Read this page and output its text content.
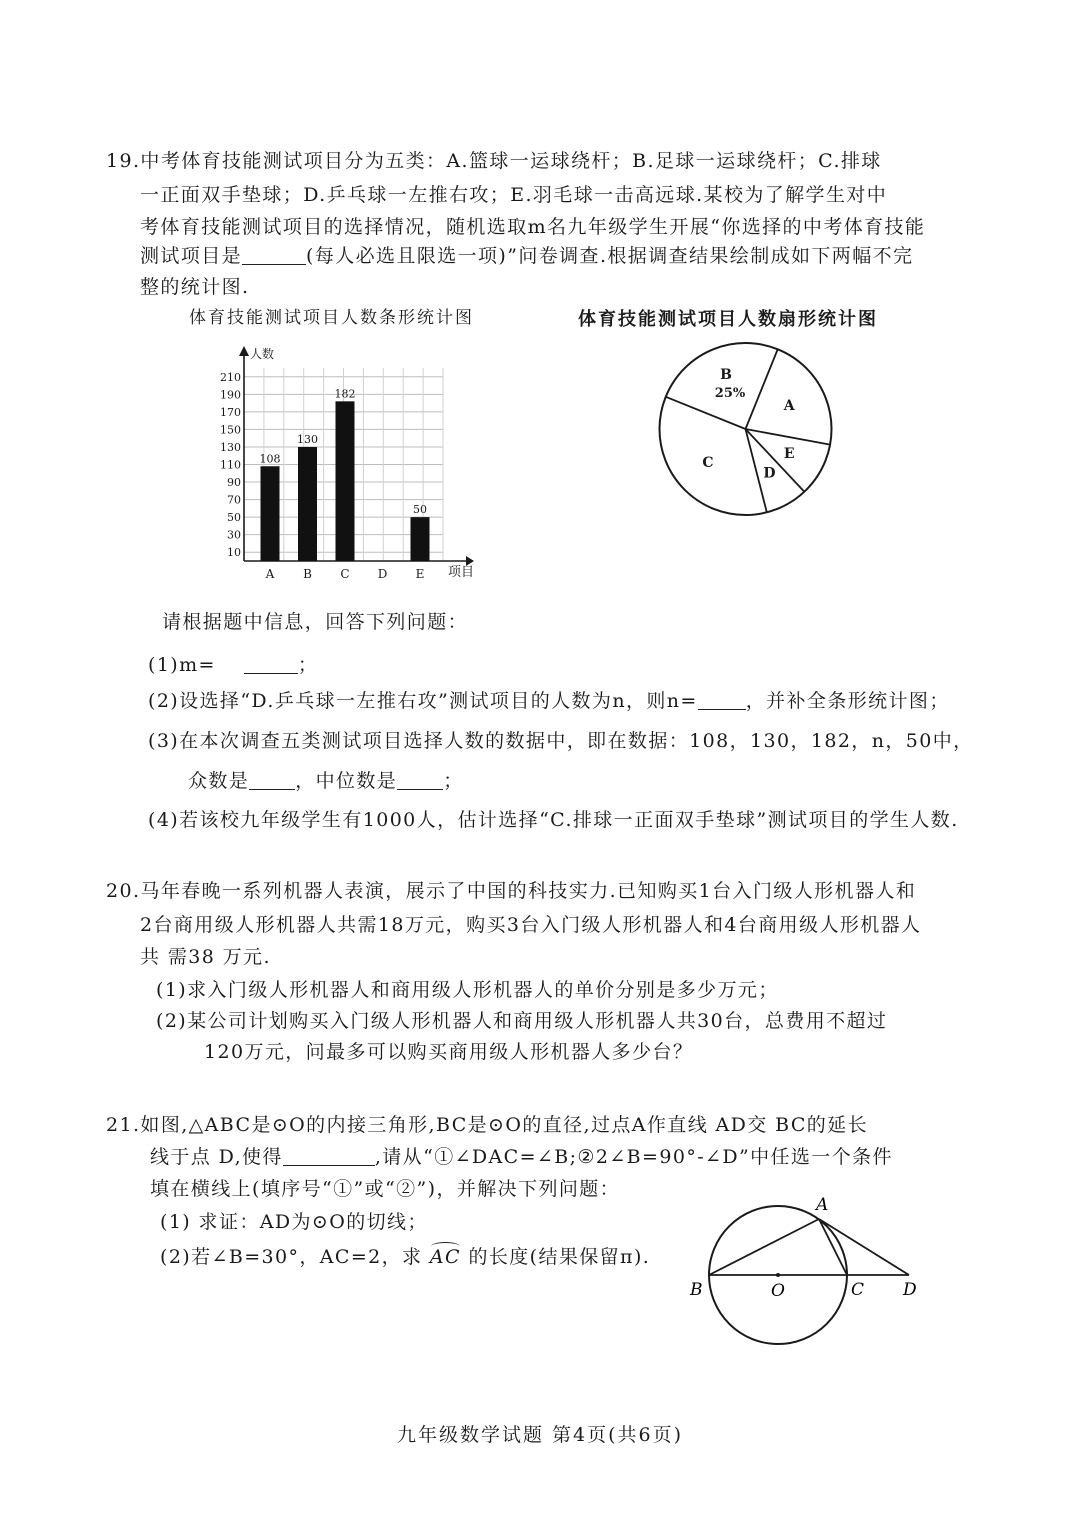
19.中考体育技能测试项目分为五类：A.篮球一运球绕杆；B.足球一运球绕杆；C.排球
一正面双手垫球；D.乒乓球一左推右攻；E.羽毛球一击高远球.某校为了解学生对中
考体育技能测试项目的选择情况，随机选取m名九年级学生开展“你选择的中考体育技能
测试项目是	(每人必选且限选一项)”问卷调查.根据调查结果绘制成如下两幅不完
整的统计图.
体育技能测试项目人数条形统计图	体育技能测试项目人数扇形统计图
10
30
50
70
90
110
130
150
170
190
210
人数
项目
A
108
B
130
C
182
D E
50
A
E
D
C
B
25%
请根据题中信息，回答下列问题：
(1)m=	；
(2)设选择“D.乒乓球一左推右攻”测试项目的人数为n，则n=	，并补全条形统计图；
(3)在本次调查五类测试项目选择人数的数据中，即在数据：108，130，182，n，50中，
众数是 ，中位数是 ；
(4)若该校九年级学生有1000人，估计选择“C.排球一正面双手垫球”测试项目的学生人数.
20.马年春晚一系列机器人表演，展示了中国的科技实力.已知购买1台入门级人形机器人和
2台商用级人形机器人共需18万元，购买3台入门级人形机器人和4台商用级人形机器人
共 需38 万元.
(1)求入门级人形机器人和商用级人形机器人的单价分别是多少万元；
(2)某公司计划购买入门级人形机器人和商用级人形机器人共30台，总费用不超过
120万元，问最多可以购买商用级人形机器人多少台？
21.如图,△ABC是⊙O的内接三角形,BC是⊙O的直径,过点A作直线 AD交 BC的延长
线于点 D,使得	,请从“①∠DAC=∠B;②2∠B=90°-∠D”中任选一个条件
填在横线上(填序号“①”或“②”)，并解决下列问题：
(1) 求证：AD为⊙O的切线；
(2)若∠B=30°，AC=2，求 AC 的长度(结果保留π).
A
B	O	C D
九年级数学试题 第4页(共6页)
